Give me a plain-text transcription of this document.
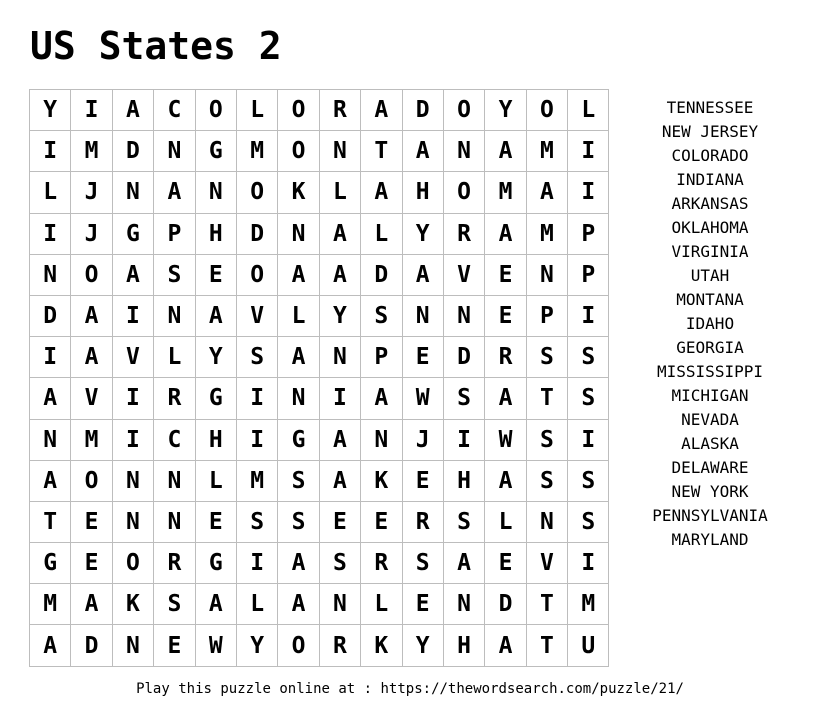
US States 2
Y	I	A	C	O	L	O	R	A	D	O	Y	O	L
I	M	D	N	G	M	O	N	T	A	N	A	M	I
L	J	N	A	N	O	K	L	A	H	O	M	A	I
I	J	G	P	H	D	N	A	L	Y	R	A	M	P
N	O	A	S	E	O	A	A	D	A	V	E	N	P
D	A	I	N	A	V	L	Y	S	N	N	E	P	I
I	A	V	L	Y	S	A	N	P	E	D	R	S	S
A	V	I	R	G	I	N	I	A	W	S	A	T	S
N	M	I	C	H	I	G	A	N	J	I	W	S	I
A	O	N	N	L	M	S	A	K	E	H	A	S	S
T	E	N	N	E	S	S	E	E	R	S	L	N	S
G	E	O	R	G	I	A	S	R	S	A	E	V	I
M	A	K	S	A	L	A	N	L	E	N	D	T	M
A	D	N	E	W	Y	O	R	K	Y	H	A	T	U
TENNESSEE
NEW JERSEY
COLORADO
INDIANA
ARKANSAS
OKLAHOMA
VIRGINIA
UTAH
MONTANA
IDAHO
GEORGIA
MISSISSIPPI
MICHIGAN
NEVADA
ALASKA
DELAWARE
NEW YORK
PENNSYLVANIA
MARYLAND
Play this puzzle online at : https://thewordsearch.com/puzzle/21/
